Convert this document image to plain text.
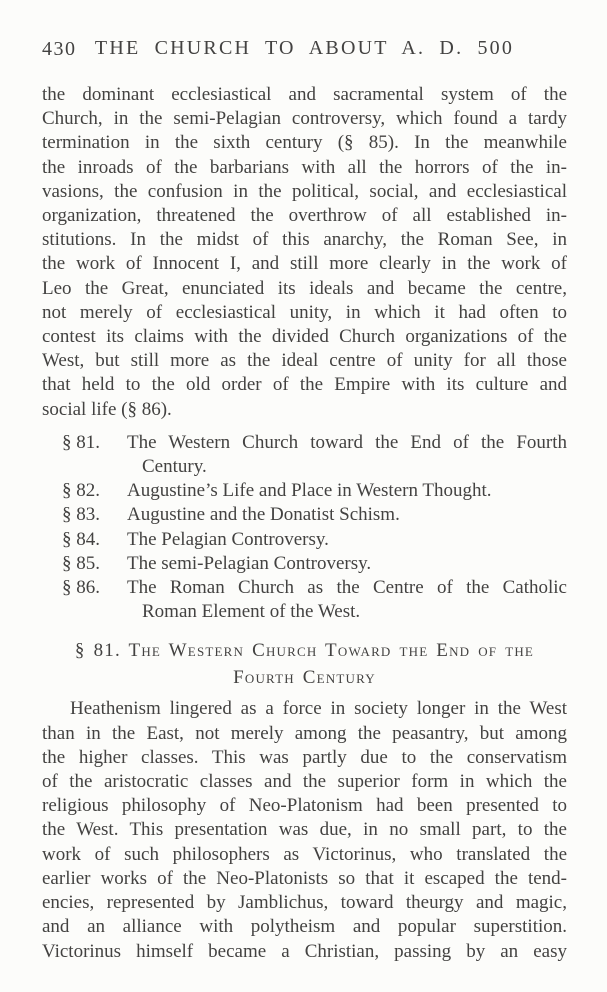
430 THE CHURCH TO ABOUT A. D. 500
the dominant ecclesiastical and sacramental system of the
Church, in the semi-Pelagian controversy, which found a tardy
termination in the sixth century (§ 85). In the meanwhile
the inroads of the barbarians with all the horrors of the in-
vasions, the confusion in the political, social, and ecclesiastical
organization, threatened the overthrow of all established in-
stitutions. In the midst of this anarchy, the Roman See, in
the work of Innocent I, and still more clearly in the work of
Leo the Great, enunciated its ideals and became the centre,
not merely of ecclesiastical unity, in which it had often to
contest its claims with the divided Church organizations of the
West, but still more as the ideal centre of unity for all those
that held to the old order of the Empire with its culture and
social life (§ 86).
§ 81. The Western Church toward the End of the Fourth
Century.
§ 82. Augustine’s Life and Place in Western Thought.
§ 83. Augustine and the Donatist Schism.
§ 84. The Pelagian Controversy.
§ 85. The semi-Pelagian Controversy.
§ 86. The Roman Church as the Centre of the Catholic
Roman Element of the West.
§ 81. The Western Church Toward the End of the
Fourth Century
Heathenism lingered as a force in society longer in the West
than in the East, not merely among the peasantry, but among
the higher classes. This was partly due to the conservatism
of the aristocratic classes and the superior form in which the
religious philosophy of Neo-Platonism had been presented to
the West. This presentation was due, in no small part, to the
work of such philosophers as Victorinus, who translated the
earlier works of the Neo-Platonists so that it escaped the tend-
encies, represented by Jamblichus, toward theurgy and magic,
and an alliance with polytheism and popular superstition.
Victorinus himself became a Christian, passing by an easy
